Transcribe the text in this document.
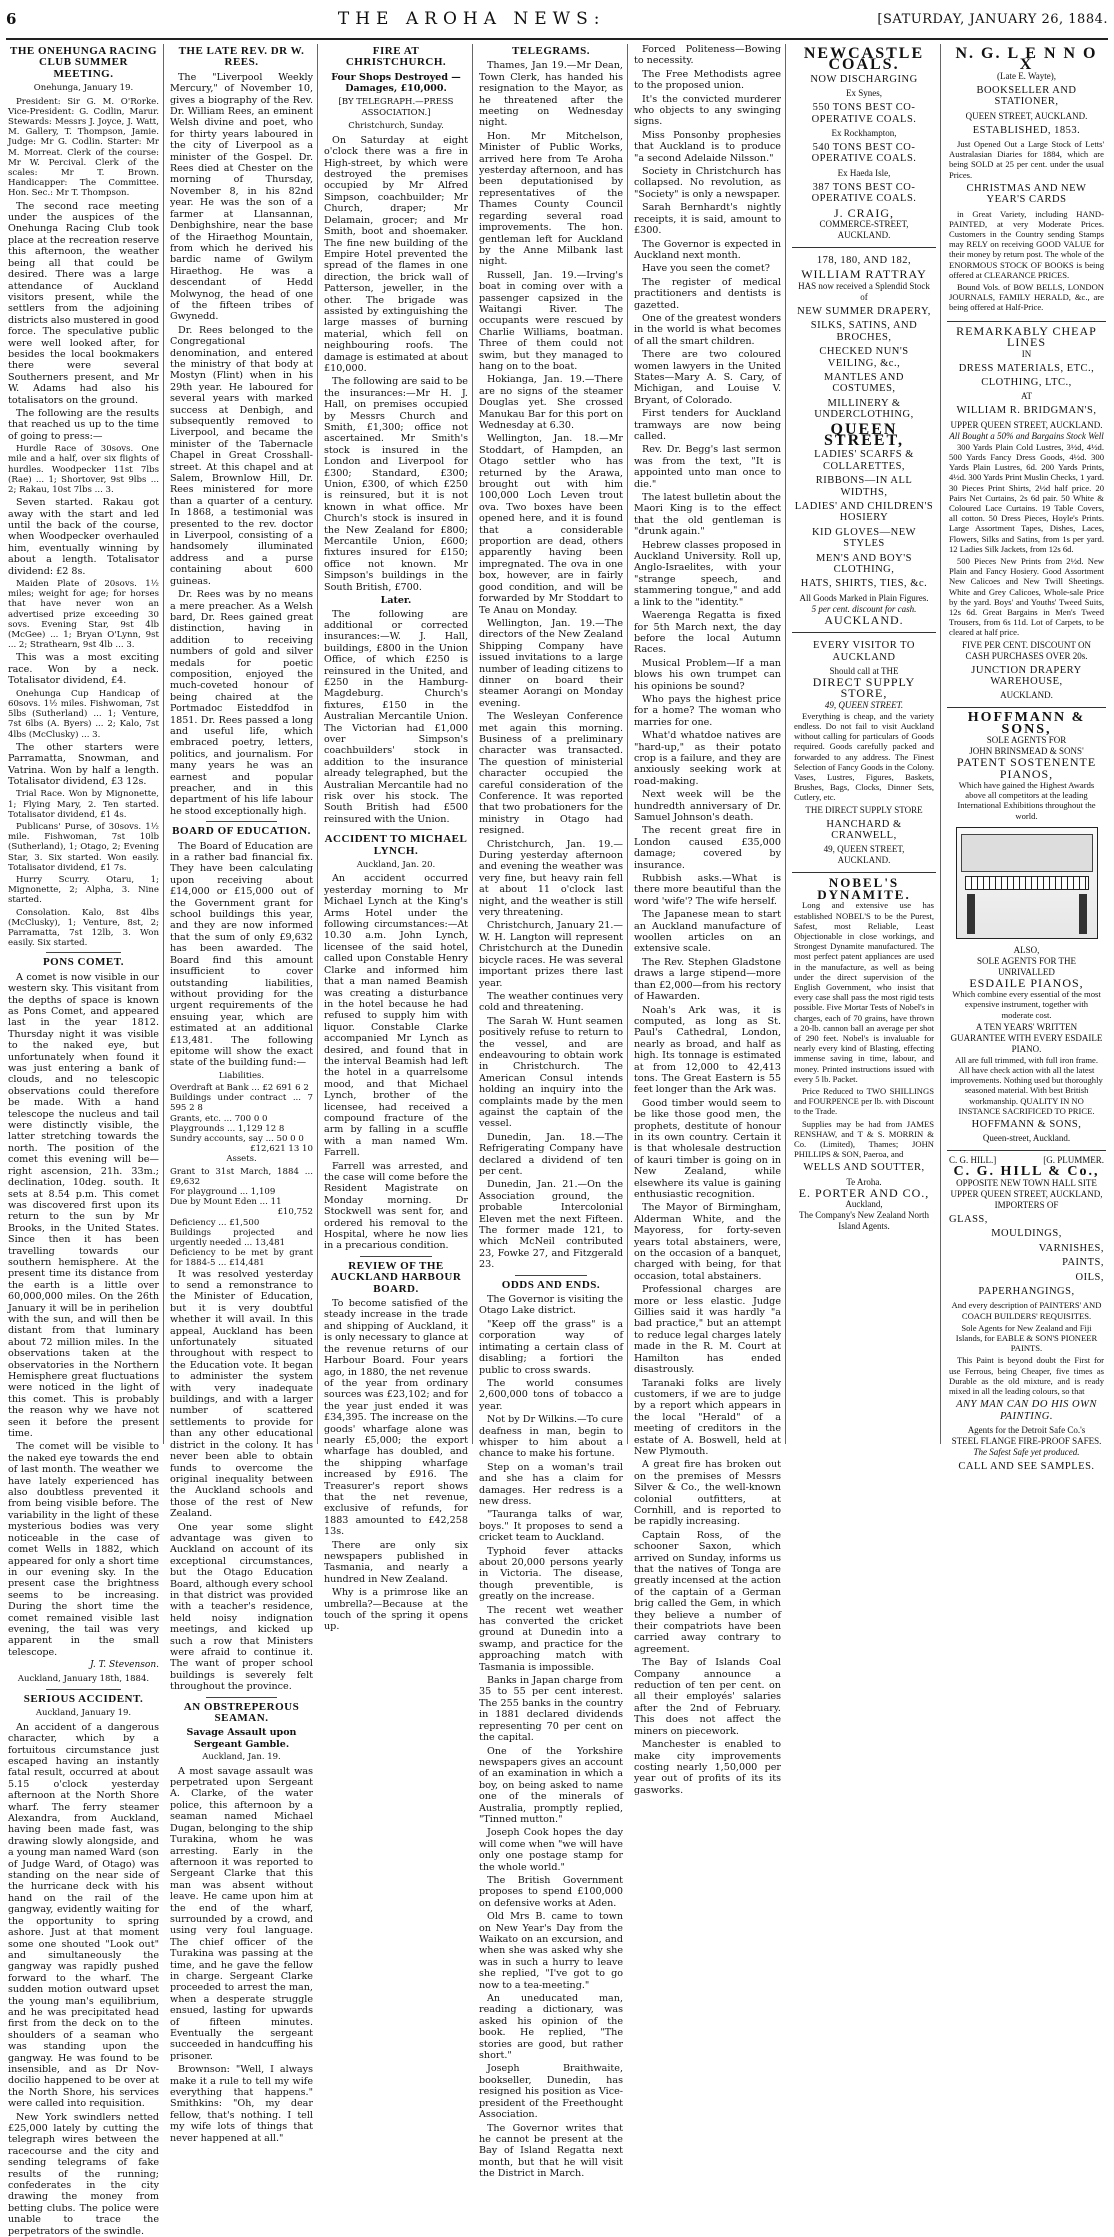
6	THE AROHA NEWS:	[SATURDAY, JANUARY 26, 1884.
THE ONEHUNGA RACING CLUB SUMMER MEETING.
Onehunga, January 19.

President: Sir G. M. O'Rorke. Vice-President: G. Codlin, Marur. Stewards: Messrs J. Joyce, J. Watt, M. Gallery, T. Thompson, Jamie. Judge: Mr G. Codlin. Starter: Mr M. Morreat. Clerk of the course: Mr W. Percival. Clerk of the scales: Mr T. Brown. Handicapper: The Committee. Hon. Sec.: Mr T. Thompson.

The second race meeting under the auspices of the Onehunga Racing Club took place at the recreation reserve this afternoon, the weather being all that could be desired. There was a large attendance of Auckland visitors present, while the settlers from the adjoining districts also mustered in good force. The speculative public were well looked after, for besides the local bookmakers there were several Southerners present, and Mr W. Adams had also his totalisators on the ground.

The following are the results that reached us up to the time of going to press:—

Hurdle Race of 30sovs. One mile and a half, over six flights of hurdles. Woodpecker 11st 7lbs (Rae) ... 1; Shortover, 9st 9lbs ... 2; Rakau, 10st 7lbs ... 3.

Seven started. Rakau got away with the start and led until the back of the course, when Woodpecker overhauled him, eventually winning by about a length. Totalisator dividend: £2 8s.

Maiden Plate of 20sovs. 1½ miles; weight for age; for horses that have never won an advertised prize exceeding 30 sovs. Evening Star, 9st 4lb (McGee) ... 1; Bryan O'Lynn, 9st ... 2; Strathearn, 9st 4lb ... 3.

This was a most exciting race. Won by a neck. Totalisator dividend, £4.

Onehunga Cup Handicap of 60sovs. 1½ miles. Fishwoman, 7st 5lbs (Sutherland) ... 1; Venture, 7st 6lbs (A. Byers) ... 2; Kalo, 7st 4lbs (McClusky) ... 3.

The other starters were Parramatta, Snowman, and Vatrina. Won by half a length. Totalisator dividend, £3 12s.

Trial Race. Won by Mignonette, 1; Flying Mary, 2. Ten started. Totalisator dividend, £1 4s.

Publicans' Purse, of 30sovs. 1½ mile. Fishwoman, 7st 10lb (Sutherland), 1; Otago, 2; Evening Star, 3. Six started. Won easily. Totalisator dividend, £1 7s.

Hurry Scurry. Otaru, 1; Mignonette, 2; Alpha, 3. Nine started.

Consolation. Kalo, 8st 4lbs (McClusky), 1; Venture, 8st, 2; Parramatta, 7st 12lb, 3. Won easily. Six started.

PONS COMET.

A comet is now visible in our western sky. This visitant from the depths of space is known as Pons Comet, and appeared last in the year 1812. Thursday night it was visible to the naked eye, but unfortunately when found it was just entering a bank of clouds, and no telescopic observations could therefore be made. With a hand telescope the nucleus and tail were distinctly visible, the latter stretching towards the north. The position of the comet this evening will be—right ascension, 21h. 33m.; declination, 10deg. south. It sets at 8.54 p.m. This comet was discovered first upon its return to the sun by Mr Brooks, in the United States. Since then it has been travelling towards our southern hemisphere. At the present time its distance from the earth is a little over 60,000,000 miles. On the 26th January it will be in perihelion with the sun, and will then be distant from that luminary about 72 million miles. In the observations taken at the observatories in the Northern Hemisphere great fluctuations were noticed in the light of this comet. This is probably the reason why we have not seen it before the present time.

The comet will be visible to the naked eye towards the end of last month. The weather we have lately experienced has also doubtless prevented it from being visible before. The variability in the light of these mysterious bodies was very noticeable in the case of comet Wells in 1882, which appeared for only a short time in our evening sky. In the present case the brightness seems to be increasing. During the short time the comet remained visible last evening, the tail was very apparent in the small telescope.

J. T. Stevenson.
Auckland, January 18th, 1884.
SERIOUS ACCIDENT.
Auckland, January 19.

An accident of a dangerous character, which by a fortuitous circumstance just escaped having an instantly fatal result, occurred at about 5.15 o'clock yesterday afternoon at the North Shore wharf. The ferry steamer Alexandra, from Auckland, having been made fast, was drawing slowly alongside, and a young man named Ward (son of Judge Ward, of Otago) was standing on the near side of the hurricane deck with his hand on the rail of the gangway, evidently waiting for the opportunity to spring ashore. Just at that moment some one shouted "Look out" and simultaneously the gangway was rapidly pushed forward to the wharf. The sudden motion outward upset the young man's equilibrium, and he was precipitated head first from the deck on to the shoulders of a seaman who was standing upon the gangway. He was found to be insensible, and as Dr Nov-docilio happened to be over at the North Shore, his services were called into requisition.

New York swindlers netted £25,000 lately by cutting the telegraph wires between the racecourse and the city and sending telegrams of fake results of the running; confederates in the city drawing the money from betting clubs. The police were unable to trace the perpetrators of the swindle.

THE LATE REV. DR W. REES.

The "Liverpool Weekly Mercury," of November 10, gives a biography of the Rev. Dr. William Rees, an eminent Welsh divine and poet, who for thirty years laboured in the city of Liverpool as a minister of the Gospel. Dr. Rees died at Chester on the morning of Thursday, November 8, in his 82nd year. He was the son of a farmer at Llansannan, Denbighshire, near the base of the Hiraethog Mountain, from which he derived his bardic name of Gwilym Hiraethog. He was a descendant of Hedd Molwynog, the head of one of the fifteen tribes of Gwynedd.

Dr. Rees belonged to the Congregational denomination, and entered the ministry of that body at Mostyn (Flint) when in his 29th year. He laboured for several years with marked success at Denbigh, and subsequently removed to Liverpool, and became the minister of the Tabernacle Chapel in Great Crosshall-street. At this chapel and at Salem, Brownlow Hill, Dr. Rees ministered for more than a quarter of a century. In 1868, a testimonial was presented to the rev. doctor in Liverpool, consisting of a handsomely illuminated address and a purse containing about 600 guineas.

Dr. Rees was by no means a mere preacher. As a Welsh bard, Dr. Rees gained great distinction, having in addition to receiving numbers of gold and silver medals for poetic composition, enjoyed the much-coveted honour of being chaired at the Portmadoc Eisteddfod in 1851. Dr. Rees passed a long and useful life, which embraced poetry, letters, politics, and journalism. For many years he was an earnest and popular preacher, and in this department of his life labour he stood exceptionally high.

BOARD OF EDUCATION.

The Board of Education are in a rather bad financial fix. They have been calculating upon receiving about £14,000 or £15,000 out of the Government grant for school buildings this year, and they are now informed that the sum of only £9,632 has been awarded. The Board find this amount insufficient to cover outstanding liabilities, without providing for the urgent requirements of the ensuing year, which are estimated at an additional £13,481. The following epitome will show the exact state of the building fund:—

Liabilities.
Overdraft at Bank ... £2 691 6 2
Buildings under contract ... 7 595 2 8
Grants, etc. ... 700 0 0
Playgrounds ... 1,129 12 8
Sundry accounts, say ... 50 0 0
£12,621 13 10
Assets.
Grant to 31st March, 1884 ... £9,632
For playground ... 1,109
Due by Mount Eden ... 11
£10,752
Deficiency ... £1,500
Buildings projected and urgently needed ... 13,481
Deficiency to be met by grant for 1884-5 ... £14,481

It was resolved yesterday to send a remonstrance to the Minister of Education, but it is very doubtful whether it will avail. In this appeal, Auckland has been unfortunately situated throughout with respect to the Education vote. It began to administer the system with very inadequate buildings, and with a larger number of scattered settlements to provide for than any other educational district in the colony. It has never been able to obtain funds to overcome the original inequality between the Auckland schools and those of the rest of New Zealand.

One year some slight advantage was given to Auckland on account of its exceptional circumstances, but the Otago Education Board, although every school in that district was provided with a teacher's residence, held noisy indignation meetings, and kicked up such a row that Ministers were afraid to continue it. The want of proper school buildings is severely felt throughout the province.

AN OBSTREPEROUS SEAMAN.
Savage Assault upon Sergeant Gamble.
Auckland, Jan. 19.

A most savage assault was perpetrated upon Sergeant A. Clarke, of the water police, this afternoon by a seaman named Michael Dugan, belonging to the ship Turakina, whom he was arresting. Early in the afternoon it was reported to Sergeant Clarke that this man was absent without leave. He came upon him at the end of the wharf, surrounded by a crowd, and using very foul language. The chief officer of the Turakina was passing at the time, and he gave the fellow in charge. Sergeant Clarke proceeded to arrest the man, when a desperate struggle ensued, lasting for upwards of fifteen minutes. Eventually the sergeant succeeded in handcuffing his prisoner.

Brownson: "Well, I always make it a rule to tell my wife everything that happens." Smithkins: "Oh, my dear fellow, that's nothing. I tell my wife lots of things that never happened at all."

FIRE AT CHRISTCHURCH.
Four Shops Destroyed — Damages, £10,000.
[BY TELEGRAPH.—PRESS ASSOCIATION.]
Christchurch, Sunday.

On Saturday at eight o'clock there was a fire in High-street, by which were destroyed the premises occupied by Mr Alfred Simpson, coachbuilder; Mr Church, draper; Mr Delamain, grocer; and Mr Smith, boot and shoemaker. The fine new building of the Empire Hotel prevented the spread of the flames in one direction, the brick wall of Patterson, jeweller, in the other. The brigade was assisted by extinguishing the large masses of burning material, which fell on neighbouring roofs. The damage is estimated at about £10,000.

The following are said to be the insurances:—Mr H. J. Hall, on premises occupied by Messrs Church and Smith, £1,300; office not ascertained. Mr Smith's stock is insured in the London and Liverpool for £300; Standard, £300; Union, £300, of which £250 is reinsured, but it is not known in what office. Mr Church's stock is insured in the New Zealand for £800; Mercantile Union, £600; fixtures insured for £150; office not known. Mr Simpson's buildings in the South British, £700.

Later.

The following are additional or corrected insurances:—W. J. Hall, buildings, £800 in the Union Office, of which £250 is reinsured in the United, and £250 in the Hamburg-Magdeburg. Church's fixtures, £150 in the Australian Mercantile Union. The Victorian had £1,000 over Simpson's coachbuilders' stock in addition to the insurance already telegraphed, but the Australian Mercantile had no risk over his stock. The South British had £500 reinsured with the Union.

ACCIDENT TO MICHAEL LYNCH.
Auckland, Jan. 20.

An accident occurred yesterday morning to Mr Michael Lynch at the King's Arms Hotel under the following circumstances:—At 10.30 a.m. John Lynch, licensee of the said hotel, called upon Constable Henry Clarke and informed him that a man named Beamish was creating a disturbance in the hotel because he had refused to supply him with liquor. Constable Clarke accompanied Mr Lynch as desired, and found that in the interval Beamish had left the hotel in a quarrelsome mood, and that Michael Lynch, brother of the licensee, had received a compound fracture of the arm by falling in a scuffle with a man named Wm. Farrell.

Farrell was arrested, and the case will come before the Resident Magistrate on Monday morning. Dr Stockwell was sent for, and ordered his removal to the Hospital, where he now lies in a precarious condition.

REVIEW OF THE AUCKLAND HARBOUR BOARD.

To become satisfied of the steady increase in the trade and shipping of Auckland, it is only necessary to glance at the revenue returns of our Harbour Board. Four years ago, in 1880, the net revenue of the year from ordinary sources was £23,102; and for the year just ended it was £34,395. The increase on the goods' wharfage alone was nearly £5,000; the export wharfage has doubled, and the shipping wharfage increased by £916. The Treasurer's report shows that the net revenue, exclusive of refunds, for 1883 amounted to £42,258 13s.

There are only six newspapers published in Tasmania, and nearly a hundred in New Zealand.

Why is a primrose like an umbrella?—Because at the touch of the spring it opens up.

TELEGRAMS.

Thames, Jan 19.—Mr Dean, Town Clerk, has handed his resignation to the Mayor, as he threatened after the meeting on Wednesday night.

Hon. Mr Mitchelson, Minister of Public Works, arrived here from Te Aroha yesterday afternoon, and has been deputationised by representatives of the Thames County Council regarding several road improvements. The hon. gentleman left for Auckland by the Anne Milbank last night.

Russell, Jan. 19.—Irving's boat in coming over with a passenger capsized in the Waitangi River. The occupants were rescued by Charlie Williams, boatman. Three of them could not swim, but they managed to hang on to the boat.

Hokianga, Jan. 19.—There are no signs of the steamer Douglas yet. She crossed Manukau Bar for this port on Wednesday at 6.30.

Wellington, Jan. 18.—Mr Stoddart, of Hampden, an Otago settler who has returned by the Arawa, brought out with him 100,000 Loch Leven trout ova. Two boxes have been opened here, and it is found that a considerable proportion are dead, others apparently having been impregnated. The ova in one box, however, are in fairly good condition, and will be forwarded by Mr Stoddart to Te Anau on Monday.

Wellington, Jan. 19.—The directors of the New Zealand Shipping Company have issued invitations to a large number of leading citizens to dinner on board their steamer Aorangi on Monday evening.

The Wesleyan Conference met again this morning. Business of a preliminary character was transacted. The question of ministerial character occupied the careful consideration of the Conference. It was reported that two probationers for the ministry in Otago had resigned.

Christchurch, Jan. 19.—During yesterday afternoon and evening the weather was very fine, but heavy rain fell at about 11 o'clock last night, and the weather is still very threatening.

Christchurch, January 21.—W. H. Langton will represent Christchurch at the Dunedin bicycle races. He was several important prizes there last year.

The weather continues very cold and threatening.

The Sarah W. Hunt seamen positively refuse to return to the vessel, and are endeavouring to obtain work in Christchurch. The American Consul intends holding an inquiry into the complaints made by the men against the captain of the vessel.

Dunedin, Jan. 18.—The Refrigerating Company have declared a dividend of ten per cent.

Dunedin, Jan. 21.—On the Association ground, the probable Intercolonial Eleven met the next Fifteen. The former made 121, to which McNeil contributed 23, Fowke 27, and Fitzgerald 23.

ODDS AND ENDS.

The Governor is visiting the Otago Lake district.

"Keep off the grass" is a corporation way of intimating a certain class of disabling; a fortiori the public to cross swards.

The world consumes 2,600,000 tons of tobacco a year.

Not by Dr Wilkins.—To cure deafness in man, begin to whisper to him about a chance to make his fortune.

Step on a woman's trail and she has a claim for damages. Her redress is a new dress.

"Tauranga talks of war, boys." It proposes to send a cricket team to Auckland.

Typhoid fever attacks about 20,000 persons yearly in Victoria. The disease, though preventible, is greatly on the increase.

The recent wet weather has converted the cricket ground at Dunedin into a swamp, and practice for the approaching match with Tasmania is impossible.

Banks in Japan charge from 35 to 55 per cent interest. The 255 banks in the country in 1881 declared dividends representing 70 per cent on the capital.

One of the Yorkshire newspapers gives an account of an examination in which a boy, on being asked to name one of the minerals of Australia, promptly replied, "Tinned mutton."

Joseph Cook hopes the day will come when "we will have only one postage stamp for the whole world."

The British Government proposes to spend £100,000 on defensive works at Aden.

Old Mrs B. came to town on New Year's Day from the Waikato on an excursion, and when she was asked why she was in such a hurry to leave she replied, "I've got to go now to a tea-meeting."

An uneducated man, reading a dictionary, was asked his opinion of the book. He replied, "The stories are good, but rather short."

Joseph Braithwaite, bookseller, Dunedin, has resigned his position as Vice-president of the Freethought Association.

The Governor writes that he cannot be present at the Bay of Island Regatta next month, but that he will visit the District in March.

Forced Politeness—Bowing to necessity.

The Free Methodists agree to the proposed union.

It's the convicted murderer who objects to any swinging signs.

Miss Ponsonby prophesies that Auckland is to produce "a second Adelaide Nilsson."

Society in Christchurch has collapsed. No revolution, as "Society" is only a newspaper.

Sarah Bernhardt's nightly receipts, it is said, amount to £300.

The Governor is expected in Auckland next month.

Have you seen the comet?

The register of medical practitioners and dentists is gazetted.

One of the greatest wonders in the world is what becomes of all the smart children.

There are two coloured women lawyers in the United States—Mary A. S. Cary, of Michigan, and Louise V. Bryant, of Colorado.

First tenders for Auckland tramways are now being called.

Rev. Dr. Begg's last sermon was from the text, "It is appointed unto man once to die."

The latest bulletin about the Maori King is to the effect that the old gentleman is "drunk again."

Hebrew classes proposed in Auckland University. Roll up, Anglo-Israelites, with your "strange speech, and stammering tongue," and add a link to the "identity."

Waerenga Regatta is fixed for 5th March next, the day before the local Autumn Races.

Musical Problem—If a man blows his own trumpet can his opinions be sound?

Who pays the highest price for a home? The woman who marries for one.

What'd whatdoe natives are "hard-up," as their potato crop is a failure, and they are anxiously seeking work at road-making.

Next week will be the hundredth anniversary of Dr. Samuel Johnson's death.

The recent great fire in London caused £35,000 damage; covered by insurance.

Rubbish asks.—What is there more beautiful than the word 'wife'? The wife herself.

The Japanese mean to start an Auckland manufacture of woollen articles on an extensive scale.

The Rev. Stephen Gladstone draws a large stipend—more than £2,000—from his rectory of Hawarden.

Noah's Ark was, it is computed, as long as St. Paul's Cathedral, London, nearly as broad, and half as high. Its tonnage is estimated at from 12,000 to 42,413 tons. The Great Eastern is 55 feet longer than the Ark was.

Good timber would seem to be like those good men, the prophets, destitute of honour in its own country. Certain it is that wholesale destruction of kauri timber is going on in New Zealand, while elsewhere its value is gaining enthusiastic recognition.

The Mayor of Birmingham, Alderman White, and the Mayoress, for forty-seven years total abstainers, were, on the occasion of a banquet, charged with being, for that occasion, total abstainers.

Professional charges are more or less elastic. Judge Gillies said it was hardly "a bad practice," but an attempt to reduce legal charges lately made in the R. M. Court at Hamilton has ended disastrously.

Taranaki folks are lively customers, if we are to judge by a report which appears in the local "Herald" of a meeting of creditors in the estate of A. Boswell, held at New Plymouth.

A great fire has broken out on the premises of Messrs Silver & Co., the well-known colonial outfitters, at Cornhill, and is reported to be rapidly increasing.

Captain Ross, of the schooner Saxon, which arrived on Sunday, informs us that the natives of Tonga are greatly incensed at the action of the captain of a German brig called the Gem, in which they believe a number of their compatriots have been carried away contrary to agreement.

The Bay of Islands Coal Company announce a reduction of ten per cent. on all their employés' salaries after the 2nd of February. This does not affect the miners on piecework.

Manchester is enabled to make city improvements costing nearly 1,50,000 per year out of profits of its its gasworks.

NEWCASTLE COALS.
NOW DISCHARGING
Ex Synes,
550 TONS BEST CO-OPERATIVE COALS.
Ex Rockhampton,
540 TONS BEST CO-OPERATIVE COALS.
Ex Haeda Isle,
387 TONS BEST CO-OPERATIVE COALS.
J. CRAIG,
COMMERCE-STREET, AUCKLAND.
178, 180, AND 182,
WILLIAM RATTRAY
HAS now received a Splendid Stock of
NEW SUMMER DRAPERY,
SILKS, SATINS, AND BROCHES,
CHECKED NUN'S VEILING, &c.,
MANTLES AND COSTUMES,
MILLINERY & UNDERCLOTHING,
QUEEN STREET,
LADIES' SCARFS & COLLARETTES,
RIBBONS—IN ALL WIDTHS,
LADIES' AND CHILDREN'S HOSIERY
KID GLOVES—NEW STYLES
MEN'S AND BOY'S CLOTHING,
HATS, SHIRTS, TIES, &c.
All Goods Marked in Plain Figures.
5 per cent. discount for cash.
AUCKLAND.
EVERY VISITOR TO AUCKLAND
Should call at THE
DIRECT SUPPLY STORE,
49, QUEEN STREET.

Everything is cheap, and the variety endless. Do not fail to visit Auckland without calling for particulars of Goods required. Goods carefully packed and forwarded to any address. The Finest Selection of Fancy Goods in the Colony. Vases, Lustres, Figures, Baskets, Brushes, Bags, Clocks, Dinner Sets, Cutlery, etc.

THE DIRECT SUPPLY STORE
HANCHARD & CRANWELL,
49, QUEEN STREET,
AUCKLAND.
NOBEL'S DYNAMITE.

Long and extensive use has established NOBEL'S to be the Purest, Safest, most Reliable, Least Objectionable in close workings, and Strongest Dynamite manufactured. The most perfect patent appliances are used in the manufacture, as well as being under the direct supervision of the English Government, who insist that every case shall pass the most rigid tests possible. Five Mortar Tests of Nobel's in charges, each of 70 grains, have thrown a 20-lb. cannon ball an average per shot of 290 feet. Nobel's is invaluable for nearly every kind of Blasting, effecting immense saving in time, labour, and money. Printed instructions issued with every 5 lb. Packet.

Price Reduced to TWO SHILLINGS and FOURPENCE per lb. with Discount to the Trade.

Supplies may be had from JAMES RENSHAW, and T & S. MORRIN & Co. (Limited), Thames; JOHN PHILLIPS & SON, Paeroa, and

WELLS AND SOUTTER,
Te Aroha.
E. PORTER AND CO.,
Auckland,
The Company's New Zealand North Island Agents.
N. G. L E N N O X
(Late E. Wayte),
BOOKSELLER AND STATIONER,
QUEEN STREET, AUCKLAND.
ESTABLISHED, 1853.

Just Opened Out a Large Stock of Letts' Australasian Diaries for 1884, which are being SOLD at 25 per cent. under the usual Prices.

CHRISTMAS AND NEW YEAR'S CARDS

in Great Variety, including HAND-PAINTED, at very Moderate Prices. Customers in the Country sending Stamps may RELY on receiving GOOD VALUE for their money by return post. The whole of the ENORMOUS STOCK OF BOOKS is being offered at CLEARANCE PRICES.

Bound Vols. of BOW BELLS, LONDON JOURNALS, FAMILY HERALD, &c., are being offered at Half-Price.

REMARKABLY CHEAP LINES
IN
DRESS MATERIALS, ETC.,
CLOTHING, LTC.,
AT
WILLIAM R. BRIDGMAN'S,
UPPER QUEEN STREET, AUCKLAND.
All Bought a 50% and Bargains Stock Well

300 Yards Plain Cold Lustres, 3½d, 4½d. 500 Yards Fancy Dress Goods, 4½d. 300 Yards Plain Lustres, 6d. 200 Yards Prints, 4½d. 300 Yards Print Muslin Checks, 1 yard. 30 Pieces Print Shirts, 2½d half price. 20 Pairs Net Curtains, 2s 6d pair. 50 White & Coloured Lace Curtains. 19 Table Covers, all cotton. 50 Dress Pieces, Hoyle's Prints. Large Assortment Tapes, Dishes, Laces, Flowers, Silks and Satins, from 1s per yard. 12 Ladies Silk Jackets, from 12s 6d.

500 Pieces New Prints from 2½d. New Plain and Fancy Hosiery. Good Assortment New Calicoes and New Twill Sheetings. White and Grey Calicoes, Whole-sale Price by the yard. Boys' and Youths' Tweed Suits, 12s 6d. Great Bargains in Men's Tweed Trousers, from 6s 11d. Lot of Carpets, to be cleared at half price.

FIVE PER CENT. DISCOUNT ON CASH PURCHASES OVER 20s.
JUNCTION DRAPERY WAREHOUSE,
AUCKLAND.
HOFFMANN & SONS,
SOLE AGENTS FOR
JOHN BRINSMEAD & SONS'
PATENT SOSTENENTE PIANOS,

Which have gained the Highest Awards above all competitors at the leading International Exhibitions throughout the world.

ALSO,
SOLE AGENTS FOR THE UNRIVALLED
ESDAILE PIANOS,

Which combine every essential of the most expensive instrument, together with moderate cost.

A TEN YEARS' WRITTEN GUARANTEE WITH EVERY ESDAILE PIANO.

All are full trimmed, with full iron frame. All have check action with all the latest improvements. Nothing used but thoroughly seasoned material. With best British workmanship. QUALITY IN NO INSTANCE SACRIFICED TO PRICE.

HOFFMANN & SONS,
Queen-street, Auckland.
C. G. HILL.]	[G. PLUMMER.
C. G. HILL & Co.,
OPPOSITE NEW TOWN HALL SITE
UPPER QUEEN STREET, AUCKLAND,
IMPORTERS OF
GLASS,
MOULDINGS,
VARNISHES,
PAINTS,
OILS,
PAPERHANGINGS,

And every description of PAINTERS' AND COACH BUILDERS' REQUISITES.

Sole Agents for New Zealand and Fiji Islands, for EABLE & SON'S PIONEER PAINTS.

This Paint is beyond doubt the First for use Ferrous, being Cheaper, five times as Durable as the old mixture, and is ready mixed in all the leading colours, so that

ANY MAN CAN DO HIS OWN PAINTING.
Agents for the Detroit Safe Co.'s
STEEL FLANGE FIRE-PROOF SAFES.
The Safest Safe yet produced.
CALL AND SEE SAMPLES.
